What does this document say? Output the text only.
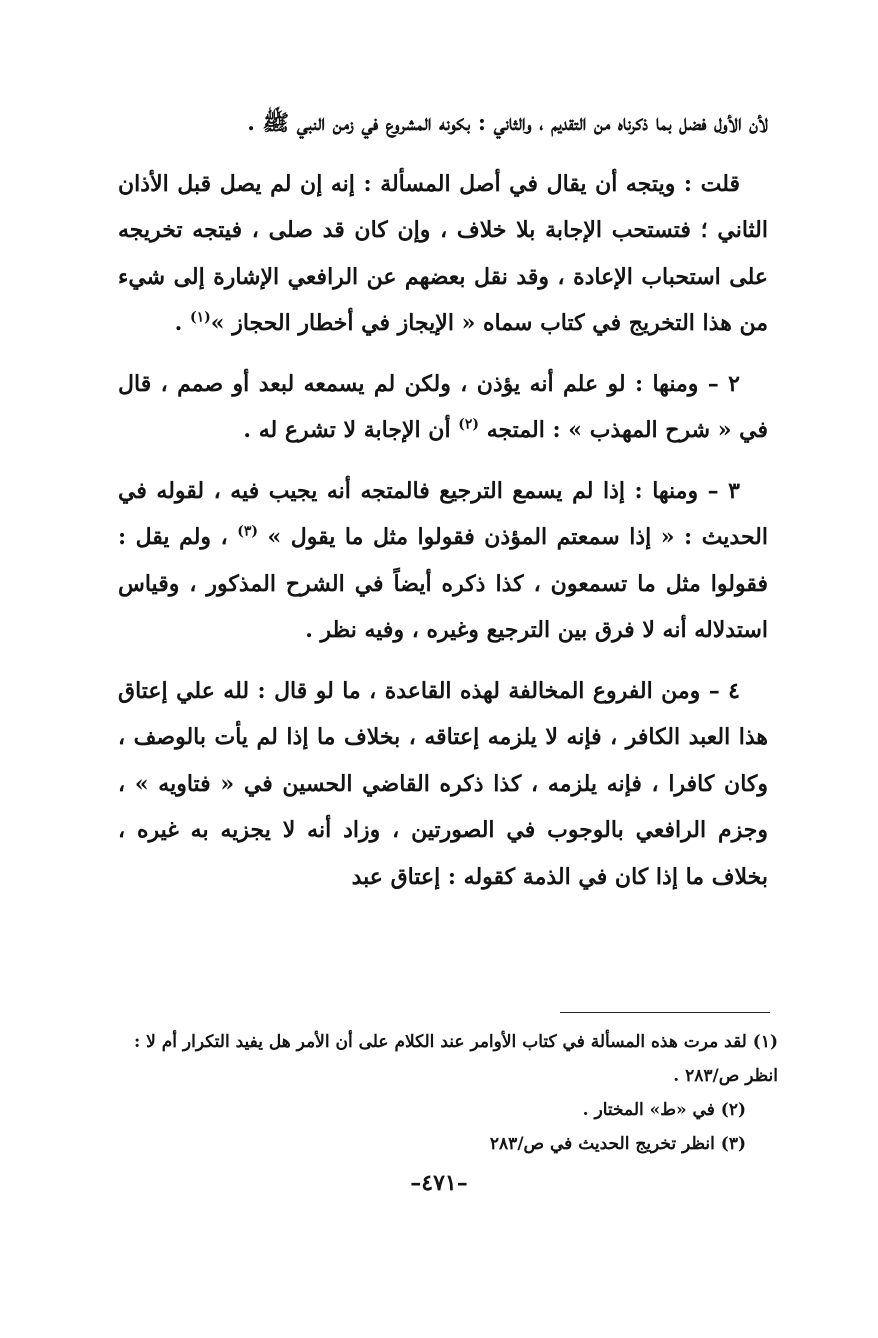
لأن الأول فضل بما ذكرناه من التقديم ، والثاني : بكونه المشروع في زمن النبي ﷺ .

قلت : ويتجه أن يقال في أصل المسألة : إنه إن لم يصل قبل الأذان الثاني ؛ فتستحب الإجابة بلا خلاف ، وإن كان قد صلى ، فيتجه تخريجه على استحباب الإعادة ، وقد نقل بعضهم عن الرافعي الإشارة إلى شيء من هذا التخريج في كتاب سماه « الإيجاز في أخطار الحجاز »$^{(١)}$ .

٢ – ومنها : لو علم أنه يؤذن ، ولكن لم يسمعه لبعد أو صمم ، قال في « شرح المهذب » : المتجه $^{(٢)}$ أن الإجابة لا تشرع له .

٣ – ومنها : إذا لم يسمع الترجيع فالمتجه أنه يجيب فيه ، لقوله في الحديث : « إذا سمعتم المؤذن فقولوا مثل ما يقول » $^{(٣)}$ ، ولم يقل : فقولوا مثل ما تسمعون ، كذا ذكره أيضاً في الشرح المذكور ، وقياس استدلاله أنه لا فرق بين الترجيع وغيره ، وفيه نظر .

٤ – ومن الفروع المخالفة لهذه القاعدة ، ما لو قال : لله علي إعتاق هذا العبد الكافر ، فإنه لا يلزمه إعتاقه ، بخلاف ما إذا لم يأت بالوصف ، وكان كافرا ، فإنه يلزمه ، كذا ذكره القاضي الحسين في « فتاويه » ، وجزم الرافعي بالوجوب في الصورتين ، وزاد أنه لا يجزيه به غيره ، بخلاف ما إذا كان في الذمة كقوله : إعتاق عبد

(١) لقد مرت هذه المسألة في كتاب الأوامر عند الكلام على أن الأمر هل يفيد التكرار أم لا : انظر ص/٢٨٣ .

(٢) في «ط» المختار .

(٣) انظر تخريج الحديث في ص/٢٨٣

–٤٧١–
